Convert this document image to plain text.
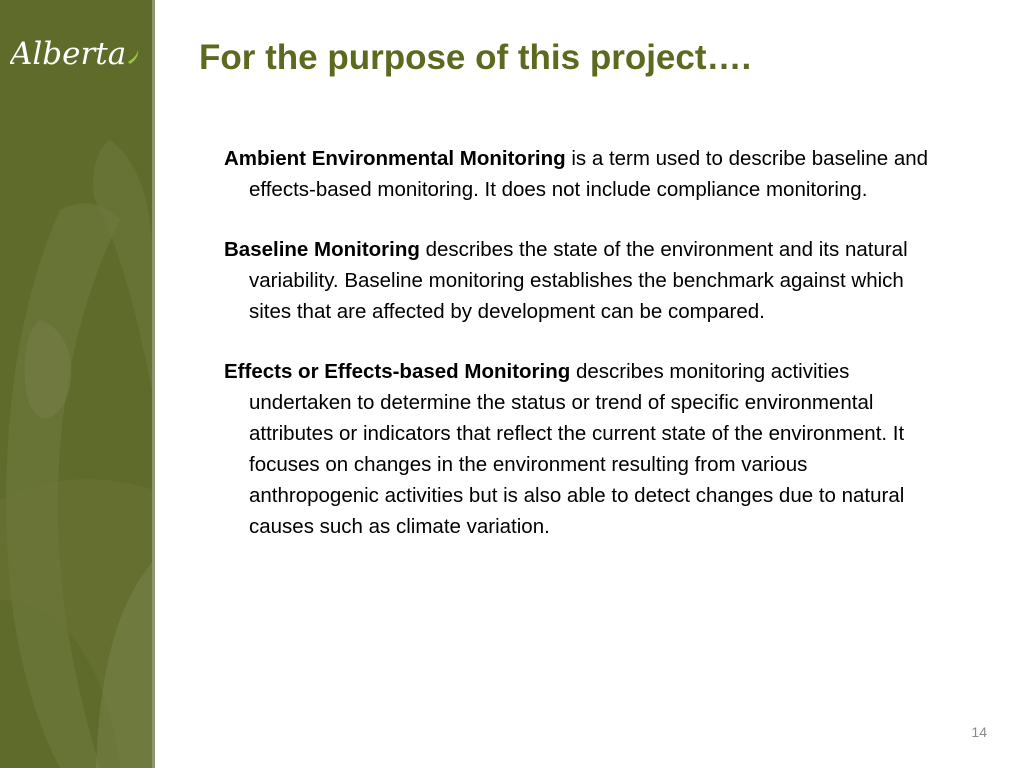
Alberta For the purpose of this project….

Ambient Environmental Monitoring is a term used to describe baseline and effects-based monitoring. It does not include compliance monitoring.

Baseline Monitoring describes the state of the environment and its natural variability. Baseline monitoring establishes the benchmark against which sites that are affected by development can be compared.

Effects or Effects-based Monitoring describes monitoring activities undertaken to determine the status or trend of specific environmental attributes or indicators that reflect the current state of the environment. It focuses on changes in the environment resulting from various anthropogenic activities but is also able to detect changes due to natural causes such as climate variation.

14
